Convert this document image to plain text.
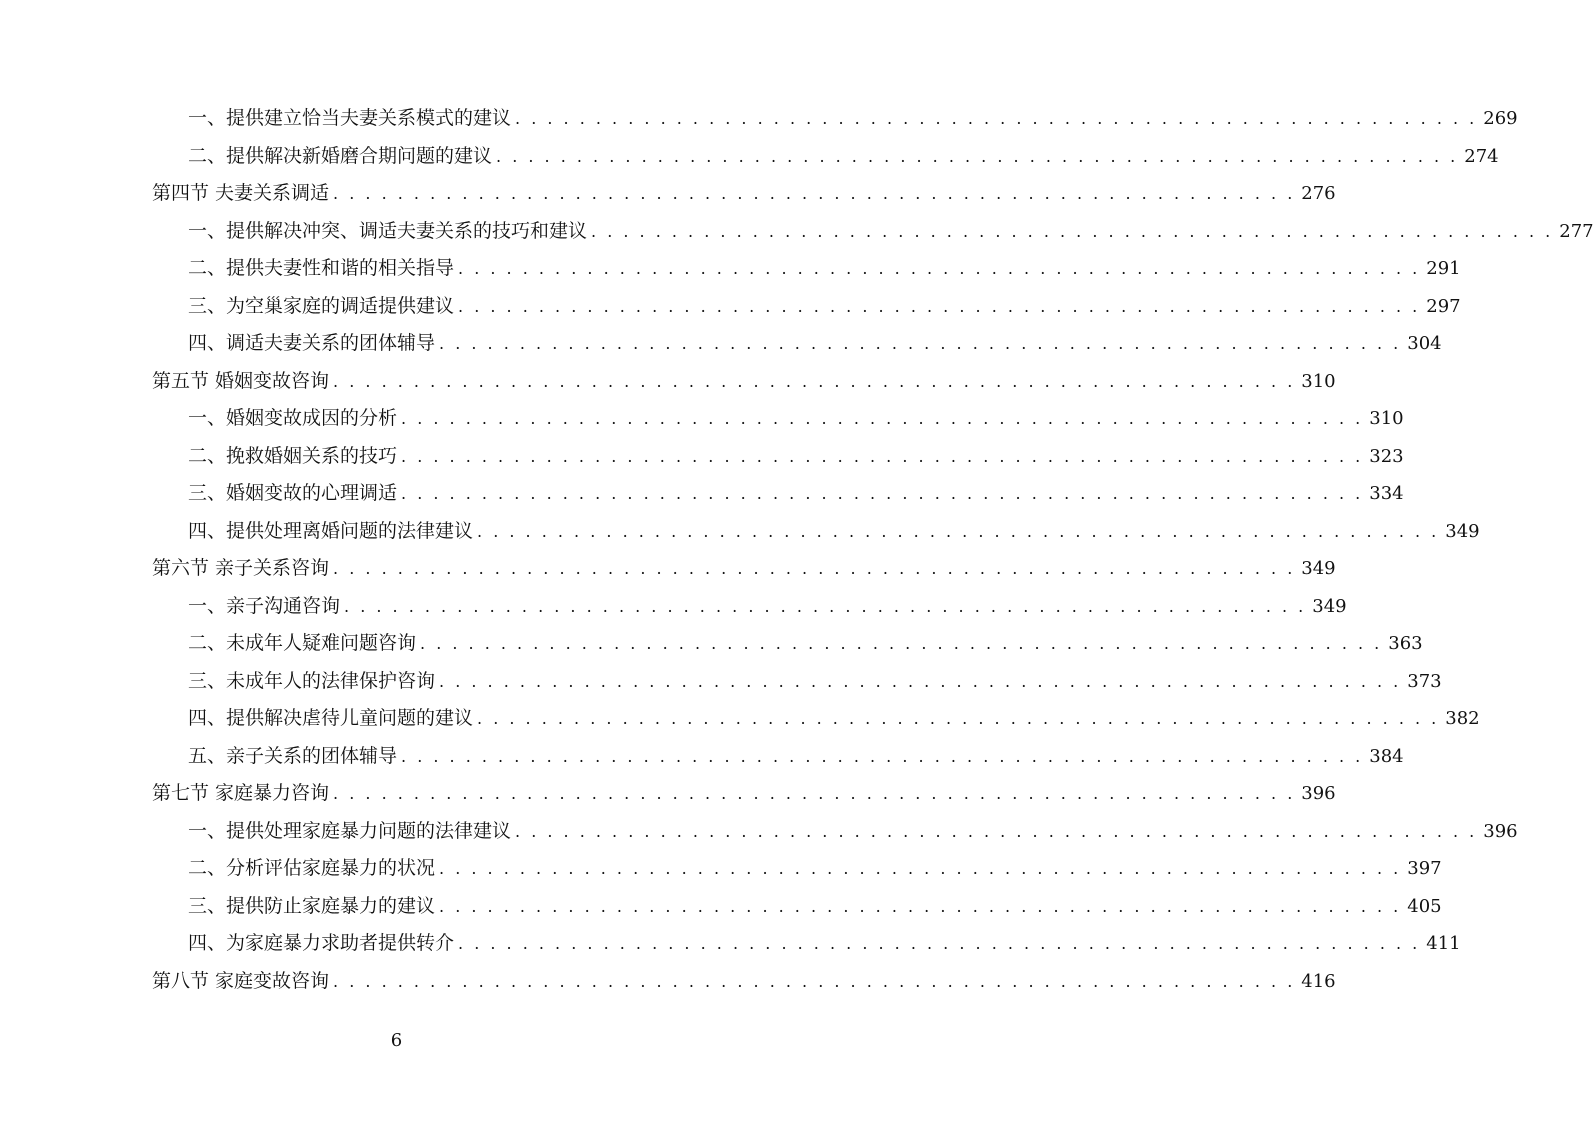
一、提供建立恰当夫妻关系模式的建议 . . . . . . . . . . . . . . . . . . . . . . . . . . . . . . . . . . . . . . . . . . . . . . . . . . . . . . . . . . . . 269
二、提供解决新婚磨合期问题的建议 . . . . . . . . . . . . . . . . . . . . . . . . . . . . . . . . . . . . . . . . . . . . . . . . . . . . . . . . . . . . 274
第四节 夫妻关系调适 . . . . . . . . . . . . . . . . . . . . . . . . . . . . . . . . . . . . . . . . . . . . . . . . . . . . . . . . . . . . 276
一、提供解决冲突、调适夫妻关系的技巧和建议 . . . . . . . . . . . . . . . . . . . . . . . . . . . . . . . . . . . . . . . . . . . . . . . . . . . . . . . . . . . . 277
二、提供夫妻性和谐的相关指导 . . . . . . . . . . . . . . . . . . . . . . . . . . . . . . . . . . . . . . . . . . . . . . . . . . . . . . . . . . . . 291
三、为空巢家庭的调适提供建议 . . . . . . . . . . . . . . . . . . . . . . . . . . . . . . . . . . . . . . . . . . . . . . . . . . . . . . . . . . . . 297
四、调适夫妻关系的团体辅导 . . . . . . . . . . . . . . . . . . . . . . . . . . . . . . . . . . . . . . . . . . . . . . . . . . . . . . . . . . . . 304
第五节 婚姻变故咨询 . . . . . . . . . . . . . . . . . . . . . . . . . . . . . . . . . . . . . . . . . . . . . . . . . . . . . . . . . . . . 310
一、婚姻变故成因的分析 . . . . . . . . . . . . . . . . . . . . . . . . . . . . . . . . . . . . . . . . . . . . . . . . . . . . . . . . . . . . 310
二、挽救婚姻关系的技巧 . . . . . . . . . . . . . . . . . . . . . . . . . . . . . . . . . . . . . . . . . . . . . . . . . . . . . . . . . . . . 323
三、婚姻变故的心理调适 . . . . . . . . . . . . . . . . . . . . . . . . . . . . . . . . . . . . . . . . . . . . . . . . . . . . . . . . . . . . 334
四、提供处理离婚问题的法律建议 . . . . . . . . . . . . . . . . . . . . . . . . . . . . . . . . . . . . . . . . . . . . . . . . . . . . . . . . . . . . 349
第六节 亲子关系咨询 . . . . . . . . . . . . . . . . . . . . . . . . . . . . . . . . . . . . . . . . . . . . . . . . . . . . . . . . . . . . 349
一、亲子沟通咨询 . . . . . . . . . . . . . . . . . . . . . . . . . . . . . . . . . . . . . . . . . . . . . . . . . . . . . . . . . . . . 349
二、未成年人疑难问题咨询 . . . . . . . . . . . . . . . . . . . . . . . . . . . . . . . . . . . . . . . . . . . . . . . . . . . . . . . . . . . . 363
三、未成年人的法律保护咨询 . . . . . . . . . . . . . . . . . . . . . . . . . . . . . . . . . . . . . . . . . . . . . . . . . . . . . . . . . . . . 373
四、提供解决虐待儿童问题的建议 . . . . . . . . . . . . . . . . . . . . . . . . . . . . . . . . . . . . . . . . . . . . . . . . . . . . . . . . . . . . 382
五、亲子关系的团体辅导 . . . . . . . . . . . . . . . . . . . . . . . . . . . . . . . . . . . . . . . . . . . . . . . . . . . . . . . . . . . . 384
第七节 家庭暴力咨询 . . . . . . . . . . . . . . . . . . . . . . . . . . . . . . . . . . . . . . . . . . . . . . . . . . . . . . . . . . . . 396
一、提供处理家庭暴力问题的法律建议 . . . . . . . . . . . . . . . . . . . . . . . . . . . . . . . . . . . . . . . . . . . . . . . . . . . . . . . . . . . . 396
二、分析评估家庭暴力的状况 . . . . . . . . . . . . . . . . . . . . . . . . . . . . . . . . . . . . . . . . . . . . . . . . . . . . . . . . . . . . 397
三、提供防止家庭暴力的建议 . . . . . . . . . . . . . . . . . . . . . . . . . . . . . . . . . . . . . . . . . . . . . . . . . . . . . . . . . . . . 405
四、为家庭暴力求助者提供转介 . . . . . . . . . . . . . . . . . . . . . . . . . . . . . . . . . . . . . . . . . . . . . . . . . . . . . . . . . . . . 411
第八节 家庭变故咨询 . . . . . . . . . . . . . . . . . . . . . . . . . . . . . . . . . . . . . . . . . . . . . . . . . . . . . . . . . . . . 416
6
